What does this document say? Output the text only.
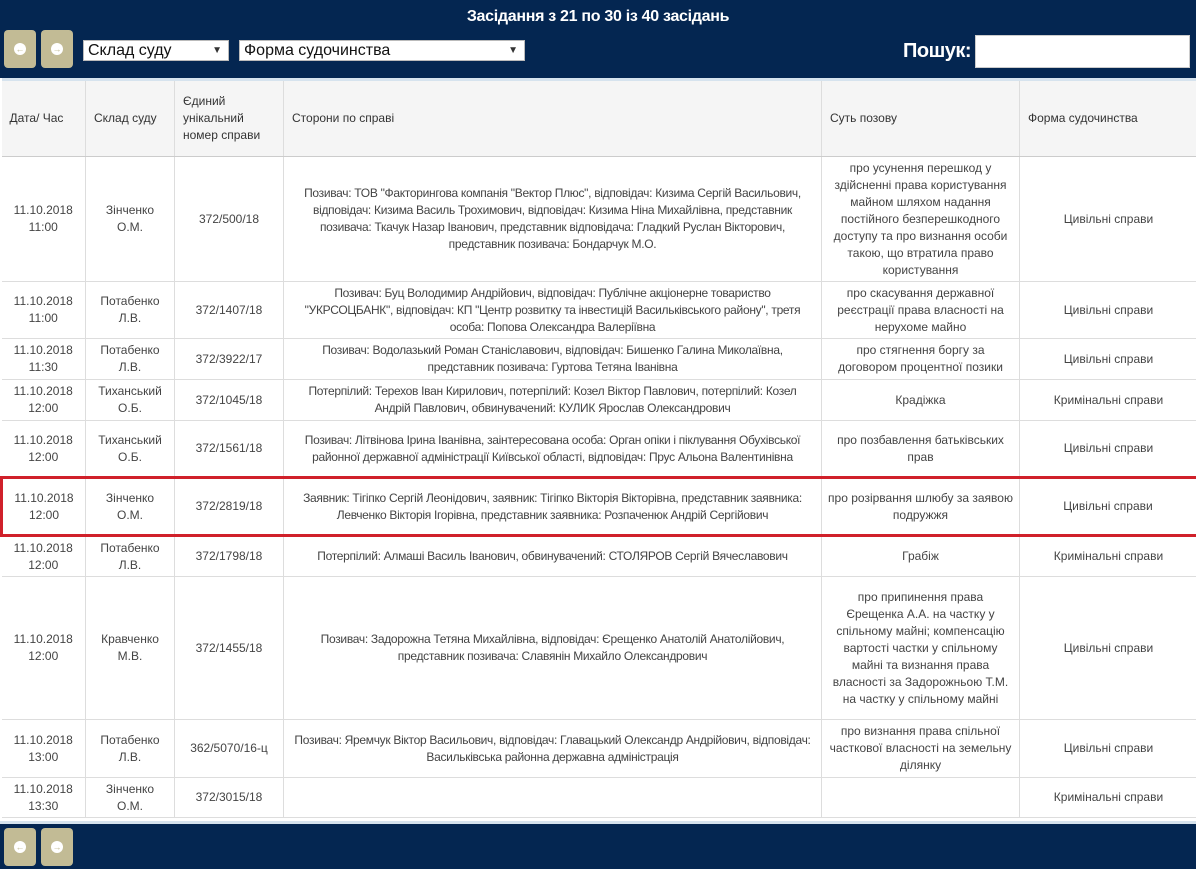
Засідання з 21 по 30 із 40 засідань
←	→	Склад суду	▼	Форма судочинства	▼	Пошук:
Дата/ Час	Склад суду	Єдиний унікальний номер справи	Сторони по справі	Суть позову	Форма судочинства
11.10.2018
11:00	Зінченко О.М.	372/500/18	Позивач: ТОВ "Факторингова компанія "Вектор Плюс", відповідач: Кизима Сергій Васильович, відповідач: Кизима Василь Трохимович, відповідач: Кизима Ніна Михайлівна, представник позивача: Ткачук Назар Іванович, представник відповідача: Гладкий Руслан Вікторович, представник позивача: Бондарчук М.О.	про усунення перешкод у здійсненні права користування майном шляхом надання постійного безперешкодного доступу та про визнання особи такою, що втратила право користування	Цивільні справи
11.10.2018
11:00	Потабенко Л.В.	372/1407/18	Позивач: Буц Володимир Андрійович, відповідач: Публічне акціонерне товариство "УКРСОЦБАНК", відповідач: КП "Центр розвитку та інвестицій Васильківського району", третя особа: Попова Олександра Валеріївна	про скасування державної реєстрації права власності на нерухоме майно	Цивільні справи
11.10.2018
11:30	Потабенко Л.В.	372/3922/17	Позивач: Водолазький Роман Станіславович, відповідач: Бишенко Галина Миколаївна, представник позивача: Гуртова Тетяна Іванівна	про стягнення боргу за договором процентної позики	Цивільні справи
11.10.2018
12:00	Тиханський О.Б.	372/1045/18	Потерпілий: Терехов Іван Кирилович, потерпілий: Козел Віктор Павлович, потерпілий: Козел Андрій Павлович, обвинувачений: КУЛИК Ярослав Олександрович	Крадіжка	Кримінальні справи
11.10.2018
12:00	Тиханський О.Б.	372/1561/18	Позивач: Літвінова Ірина Іванівна, заінтересована особа: Орган опіки і піклування Обухівської районної державної адміністрації Київської області, відповідач: Прус Альона Валентинівна	про позбавлення батьківських прав	Цивільні справи
11.10.2018
12:00	Зінченко О.М.	372/2819/18	Заявник: Тігіпко Сергій Леонідович, заявник: Тігіпко Вікторія Вікторівна, представник заявника: Левченко Вікторія Ігорівна, представник заявника: Розпаченюк Андрій Сергійович	про розірвання шлюбу за заявою подружжя	Цивільні справи
11.10.2018
12:00	Потабенко Л.В.	372/1798/18	Потерпілий: Алмаші Василь Іванович, обвинувачений: СТОЛЯРОВ Сергій Вячеславович	Грабіж	Кримінальні справи
11.10.2018
12:00	Кравченко М.В.	372/1455/18	Позивач: Задорожна Тетяна Михайлівна, відповідач: Єрещенко Анатолій Анатолійович, представник позивача: Славянін Михайло Олександрович	про припинення права Єрещенка А.А. на частку у спільному майні; компенсацію вартості частки у спільному майні та визнання права власності за Задорожньою Т.М. на частку у спільному майні	Цивільні справи
11.10.2018
13:00	Потабенко Л.В.	362/5070/16-ц	Позивач: Яремчук Віктор Васильович, відповідач: Главацький Олександр Андрійович, відповідач: Васильківська районна державна адміністрація	про визнання права спільної часткової власності на земельну ділянку	Цивільні справи
11.10.2018
13:30	Зінченко О.М.	372/3015/18			Кримінальні справи
←	→
